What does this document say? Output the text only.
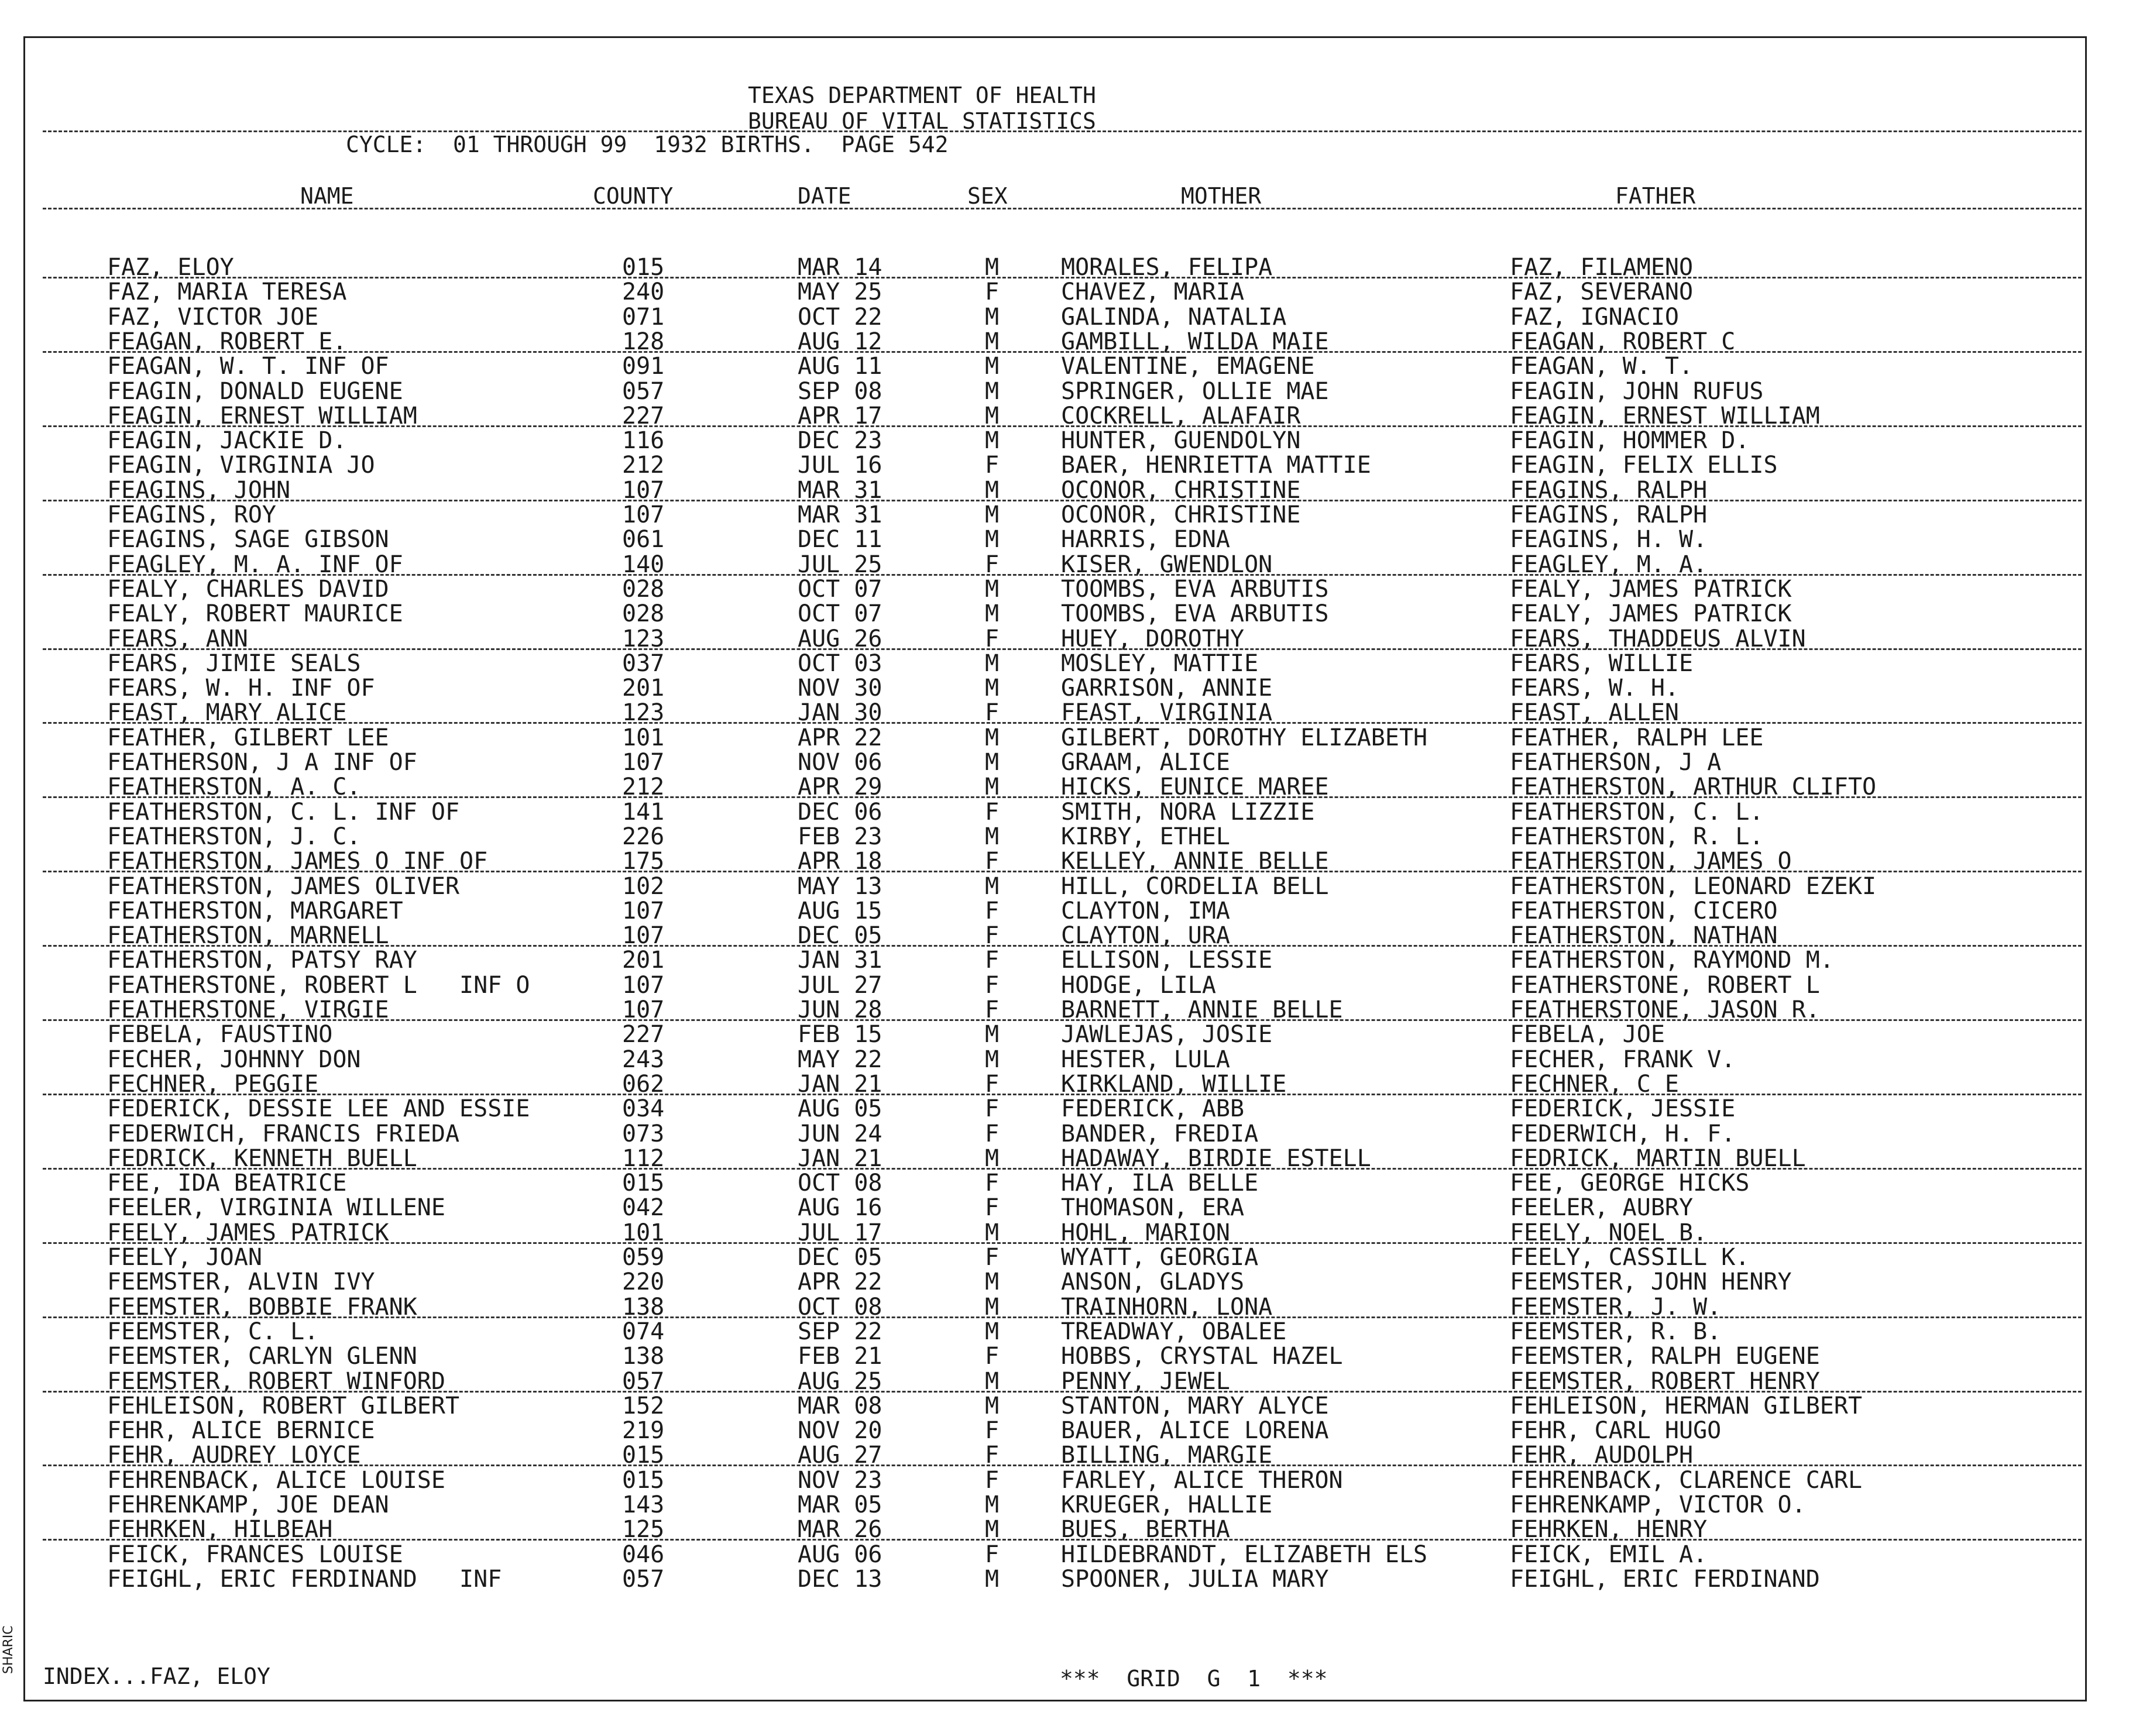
TEXAS DEPARTMENT OF HEALTH
BUREAU OF VITAL STATISTICS
CYCLE:  01 THROUGH 99  1932 BIRTHS.  PAGE 542
NAME	COUNTY	DATE	SEX	MOTHER	FATHER
FAZ, ELOY	015	MAR 14	M	MORALES, FELIPA	FAZ, FILAMENO
FAZ, MARIA TERESA	240	MAY 25	F	CHAVEZ, MARIA	FAZ, SEVERANO
FAZ, VICTOR JOE	071	OCT 22	M	GALINDA, NATALIA	FAZ, IGNACIO
FEAGAN, ROBERT E.	128	AUG 12	M	GAMBILL, WILDA MAIE	FEAGAN, ROBERT C
FEAGAN, W. T. INF OF	091	AUG 11	M	VALENTINE, EMAGENE	FEAGAN, W. T.
FEAGIN, DONALD EUGENE	057	SEP 08	M	SPRINGER, OLLIE MAE	FEAGIN, JOHN RUFUS
FEAGIN, ERNEST WILLIAM	227	APR 17	M	COCKRELL, ALAFAIR	FEAGIN, ERNEST WILLIAM
FEAGIN, JACKIE D.	116	DEC 23	M	HUNTER, GUENDOLYN	FEAGIN, HOMMER D.
FEAGIN, VIRGINIA JO	212	JUL 16	F	BAER, HENRIETTA MATTIE	FEAGIN, FELIX ELLIS
FEAGINS, JOHN	107	MAR 31	M	OCONOR, CHRISTINE	FEAGINS, RALPH
FEAGINS, ROY	107	MAR 31	M	OCONOR, CHRISTINE	FEAGINS, RALPH
FEAGINS, SAGE GIBSON	061	DEC 11	M	HARRIS, EDNA	FEAGINS, H. W.
FEAGLEY, M. A. INF OF	140	JUL 25	F	KISER, GWENDLON	FEAGLEY, M. A.
FEALY, CHARLES DAVID	028	OCT 07	M	TOOMBS, EVA ARBUTIS	FEALY, JAMES PATRICK
FEALY, ROBERT MAURICE	028	OCT 07	M	TOOMBS, EVA ARBUTIS	FEALY, JAMES PATRICK
FEARS, ANN	123	AUG 26	F	HUEY, DOROTHY	FEARS, THADDEUS ALVIN
FEARS, JIMIE SEALS	037	OCT 03	M	MOSLEY, MATTIE	FEARS, WILLIE
FEARS, W. H. INF OF	201	NOV 30	M	GARRISON, ANNIE	FEARS, W. H.
FEAST, MARY ALICE	123	JAN 30	F	FEAST, VIRGINIA	FEAST, ALLEN
FEATHER, GILBERT LEE	101	APR 22	M	GILBERT, DOROTHY ELIZABETH	FEATHER, RALPH LEE
FEATHERSON, J A INF OF	107	NOV 06	M	GRAAM, ALICE	FEATHERSON, J A
FEATHERSTON, A. C.	212	APR 29	M	HICKS, EUNICE MAREE	FEATHERSTON, ARTHUR CLIFTO
FEATHERSTON, C. L. INF OF	141	DEC 06	F	SMITH, NORA LIZZIE	FEATHERSTON, C. L.
FEATHERSTON, J. C.	226	FEB 23	M	KIRBY, ETHEL	FEATHERSTON, R. L.
FEATHERSTON, JAMES O INF OF	175	APR 18	F	KELLEY, ANNIE BELLE	FEATHERSTON, JAMES O
FEATHERSTON, JAMES OLIVER	102	MAY 13	M	HILL, CORDELIA BELL	FEATHERSTON, LEONARD EZEKI
FEATHERSTON, MARGARET	107	AUG 15	F	CLAYTON, IMA	FEATHERSTON, CICERO
FEATHERSTON, MARNELL	107	DEC 05	F	CLAYTON, URA	FEATHERSTON, NATHAN
FEATHERSTON, PATSY RAY	201	JAN 31	F	ELLISON, LESSIE	FEATHERSTON, RAYMOND M.
FEATHERSTONE, ROBERT L   INF O	107	JUL 27	F	HODGE, LILA	FEATHERSTONE, ROBERT L
FEATHERSTONE, VIRGIE	107	JUN 28	F	BARNETT, ANNIE BELLE	FEATHERSTONE, JASON R.
FEBELA, FAUSTINO	227	FEB 15	M	JAWLEJAS, JOSIE	FEBELA, JOE
FECHER, JOHNNY DON	243	MAY 22	M	HESTER, LULA	FECHER, FRANK V.
FECHNER, PEGGIE	062	JAN 21	F	KIRKLAND, WILLIE	FECHNER, C E
FEDERICK, DESSIE LEE AND ESSIE	034	AUG 05	F	FEDERICK, ABB	FEDERICK, JESSIE
FEDERWICH, FRANCIS FRIEDA	073	JUN 24	F	BANDER, FREDIA	FEDERWICH, H. F.
FEDRICK, KENNETH BUELL	112	JAN 21	M	HADAWAY, BIRDIE ESTELL	FEDRICK, MARTIN BUELL
FEE, IDA BEATRICE	015	OCT 08	F	HAY, ILA BELLE	FEE, GEORGE HICKS
FEELER, VIRGINIA WILLENE	042	AUG 16	F	THOMASON, ERA	FEELER, AUBRY
FEELY, JAMES PATRICK	101	JUL 17	M	HOHL, MARION	FEELY, NOEL B.
FEELY, JOAN	059	DEC 05	F	WYATT, GEORGIA	FEELY, CASSILL K.
FEEMSTER, ALVIN IVY	220	APR 22	M	ANSON, GLADYS	FEEMSTER, JOHN HENRY
FEEMSTER, BOBBIE FRANK	138	OCT 08	M	TRAINHORN, LONA	FEEMSTER, J. W.
FEEMSTER, C. L.	074	SEP 22	M	TREADWAY, OBALEE	FEEMSTER, R. B.
FEEMSTER, CARLYN GLENN	138	FEB 21	F	HOBBS, CRYSTAL HAZEL	FEEMSTER, RALPH EUGENE
FEEMSTER, ROBERT WINFORD	057	AUG 25	M	PENNY, JEWEL	FEEMSTER, ROBERT HENRY
FEHLEISON, ROBERT GILBERT	152	MAR 08	M	STANTON, MARY ALYCE	FEHLEISON, HERMAN GILBERT
FEHR, ALICE BERNICE	219	NOV 20	F	BAUER, ALICE LORENA	FEHR, CARL HUGO
FEHR, AUDREY LOYCE	015	AUG 27	F	BILLING, MARGIE	FEHR, AUDOLPH
FEHRENBACK, ALICE LOUISE	015	NOV 23	F	FARLEY, ALICE THERON	FEHRENBACK, CLARENCE CARL
FEHRENKAMP, JOE DEAN	143	MAR 05	M	KRUEGER, HALLIE	FEHRENKAMP, VICTOR O.
FEHRKEN, HILBEAH	125	MAR 26	M	BUES, BERTHA	FEHRKEN, HENRY
FEICK, FRANCES LOUISE	046	AUG 06	F	HILDEBRANDT, ELIZABETH ELS	FEICK, EMIL A.
FEIGHL, ERIC FERDINAND   INF	057	DEC 13	M	SPOONER, JULIA MARY	FEIGHL, ERIC FERDINAND
INDEX...FAZ, ELOY	***  GRID  G  1  ***
SHARIC
